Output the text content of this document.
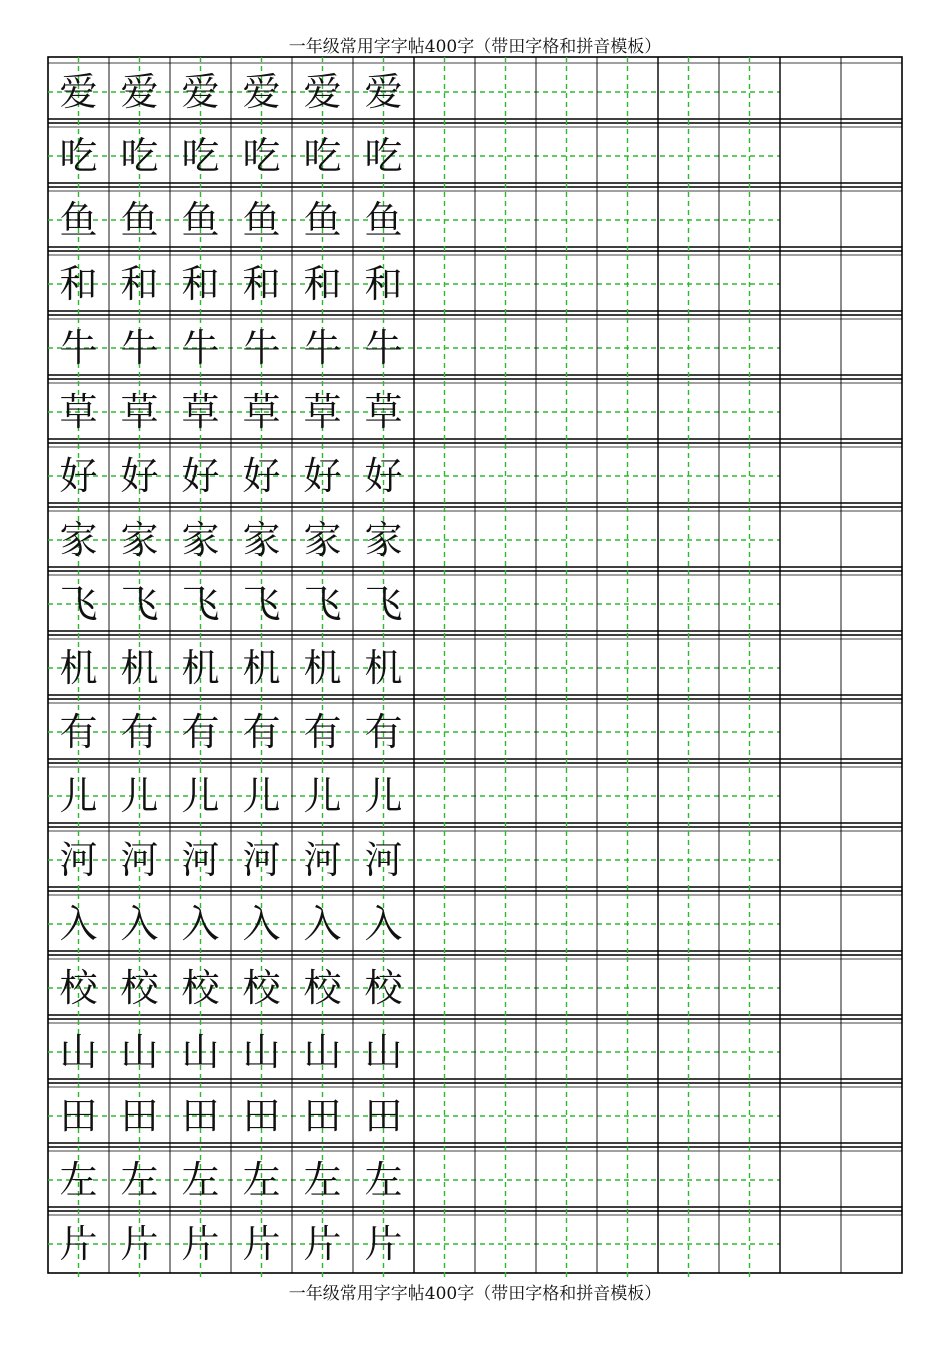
一年级常用字字帖400字（带田字格和拼音模板）
爱 爱 爱 爱 爱 爱
吃 吃 吃 吃 吃 吃
鱼 鱼 鱼 鱼 鱼 鱼
和 和 和 和 和 和
牛 牛 牛 牛 牛 牛
草 草 草 草 草 草
好 好 好 好 好 好
家 家 家 家 家 家
飞 飞 飞 飞 飞 飞
机 机 机 机 机 机
有 有 有 有 有 有
儿 儿 儿 儿 儿 儿
河 河 河 河 河 河
入 入 入 入 入 入
校 校 校 校 校 校
山 山 山 山 山 山
田 田 田 田 田 田
左 左 左 左 左 左
片 片 片 片 片 片
一年级常用字字帖400字（带田字格和拼音模板）
